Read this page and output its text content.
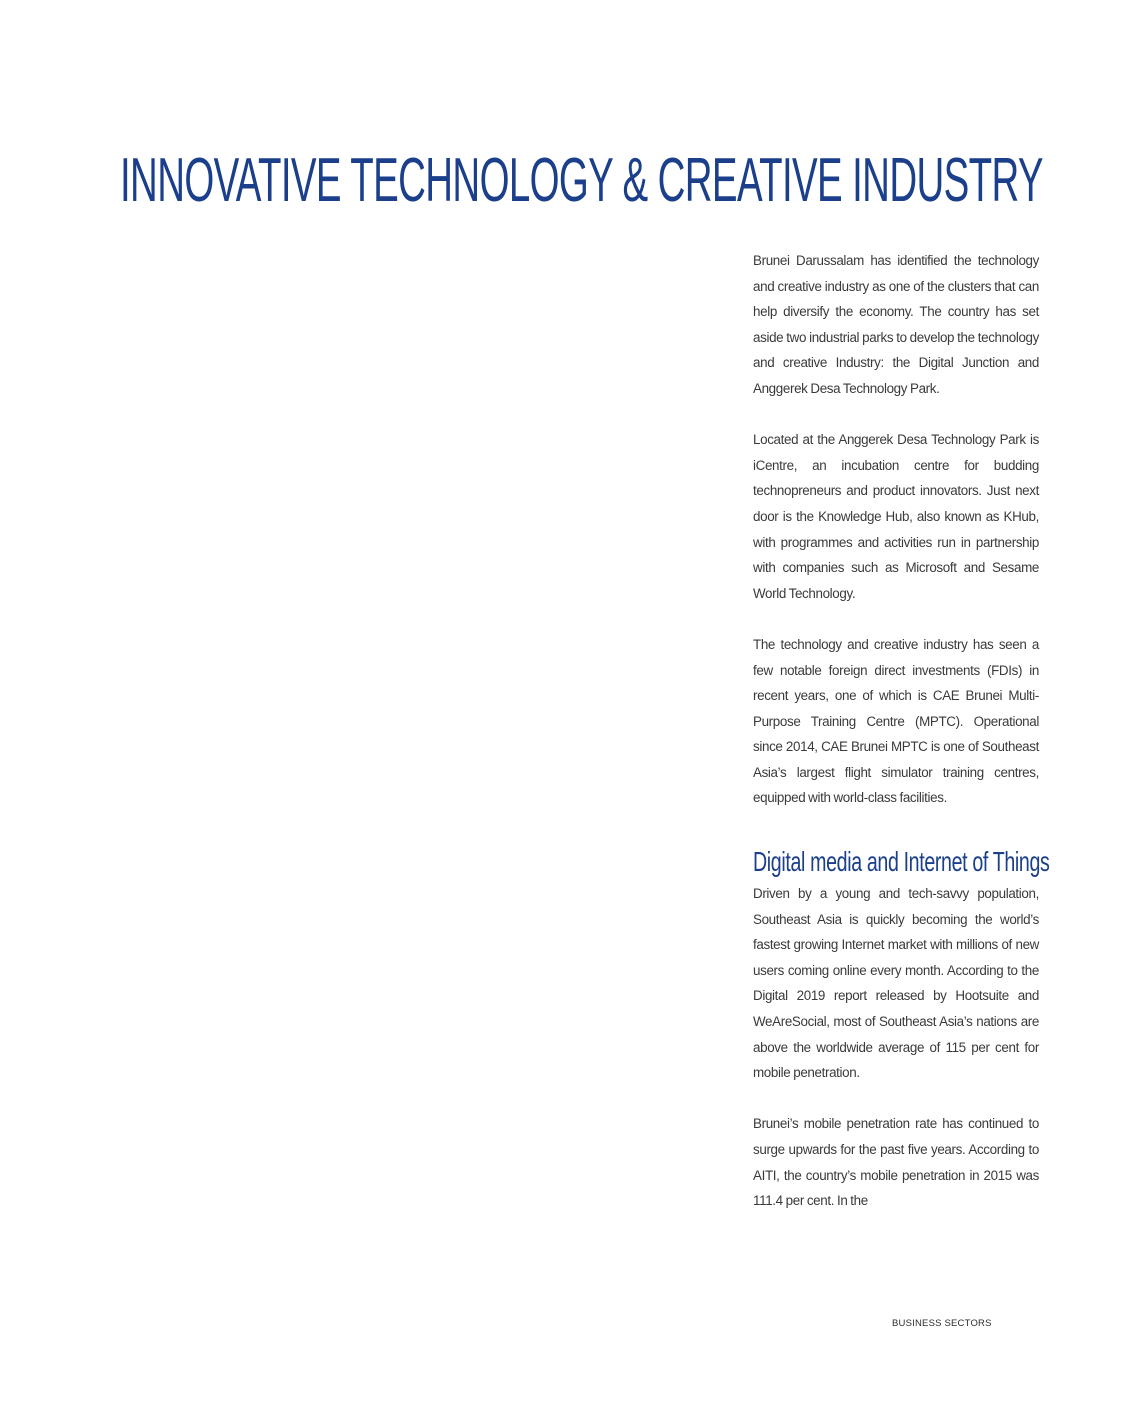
INNOVATIVE TECHNOLOGY & CREATIVE INDUSTRY

Brunei Darussalam has identified the technology and creative industry as one of the clusters that can help diversify the economy. The country has set aside two industrial parks to develop the technology and creative Industry: the Digital Junction and Anggerek Desa Technology Park.

Located at the Anggerek Desa Technology Park is iCentre, an incubation centre for budding technopreneurs and product innovators. Just next door is the Knowledge Hub, also known as KHub, with programmes and activities run in partnership with companies such as Microsoft and Sesame World Technology.

The technology and creative industry has seen a few notable foreign direct investments (FDIs) in recent years, one of which is CAE Brunei Multi-Purpose Training Centre (MPTC). Operational since 2014, CAE Brunei MPTC is one of Southeast Asia’s largest flight simulator training centres, equipped with world-class facilities.

Digital media and Internet of Things

Driven by a young and tech-savvy population, Southeast Asia is quickly becoming the world’s fastest growing Internet market with millions of new users coming online every month. According to the Digital 2019 report released by Hootsuite and WeAreSocial, most of Southeast Asia’s nations are above the worldwide average of 115 per cent for mobile penetration.

Brunei’s mobile penetration rate has continued to surge upwards for the past five years. According to AITI, the country’s mobile penetration in 2015 was 111.4 per cent. In the

BUSINESS SECTORS
